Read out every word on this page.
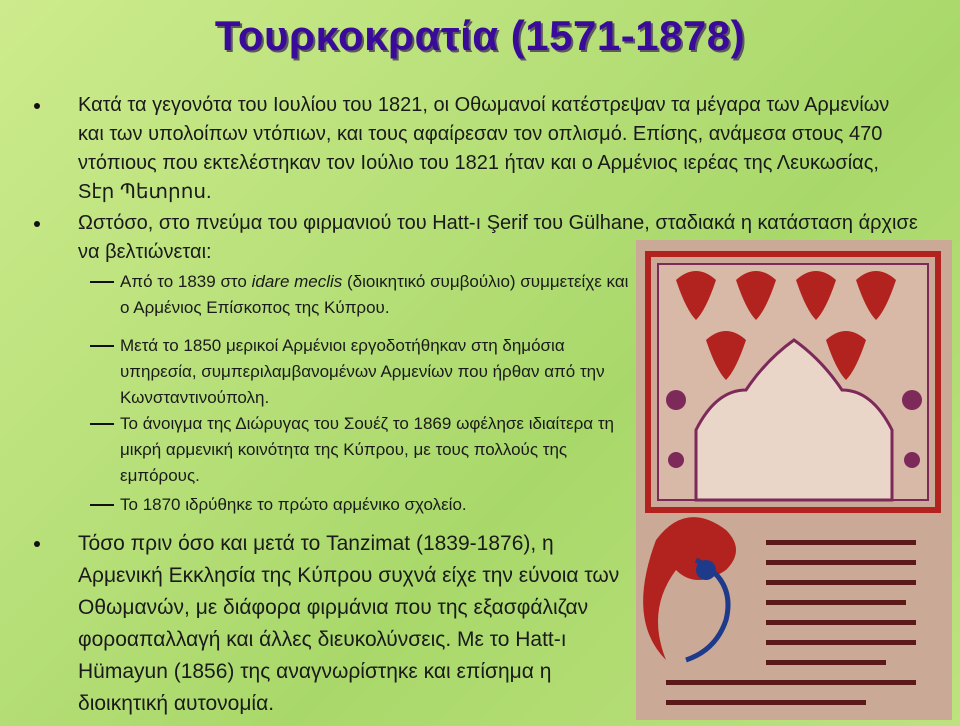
Τουρκοκρατία (1571-1878)
Κατά τα γεγονότα του Ιουλίου του 1821, οι Οθωμανοί κατέστρεψαν τα μέγαρα των Αρμενίων και των υπολοίπων ντόπιων, και τους αφαίρεσαν τον οπλισμό. Επίσης, ανάμεσα στους 470 ντόπιους που εκτελέστηκαν τον Ιούλιο του 1821 ήταν και ο Αρμένιος ιερέας της Λευκωσίας, Sէր Պետրոս.
Ωστόσο, στο πνεύμα του φιρμανιού του Hatt-ı Şerif του Gülhane, σταδιακά η κατάσταση άρχισε να βελτιώνεται:
Από το 1839 στο idare meclis (διοικητικό συμβούλιο) συμμετείχε και ο Αρμένιος Επίσκοπος της Κύπρου.
Μετά το 1850 μερικοί Αρμένιοι εργοδοτήθηκαν στη δημόσια υπηρεσία, συμπεριλαμβανομένων Αρμενίων που ήρθαν από την Κωνσταντινούπολη.
Το άνοιγμα της Διώρυγας του Σουέζ το 1869 ωφέλησε ιδιαίτερα τη μικρή αρμενική κοινότητα της Κύπρου, με τους πολλούς της εμπόρους.
Το 1870 ιδρύθηκε το πρώτο αρμένικο σχολείο.
Τόσο πριν όσο και μετά το Tanzimat (1839-1876), η Αρμενική Εκκλησία της Κύπρου συχνά είχε την εύνοια των Οθωμανών, με διάφορα φιρμάνια που της εξασφάλιζαν φοροαπαλλαγή και άλλες διευκολύνσεις. Με το Hatt-ı Hümayun (1856) της αναγνωρίστηκε και επίσημα η διοικητική αυτονομία.
